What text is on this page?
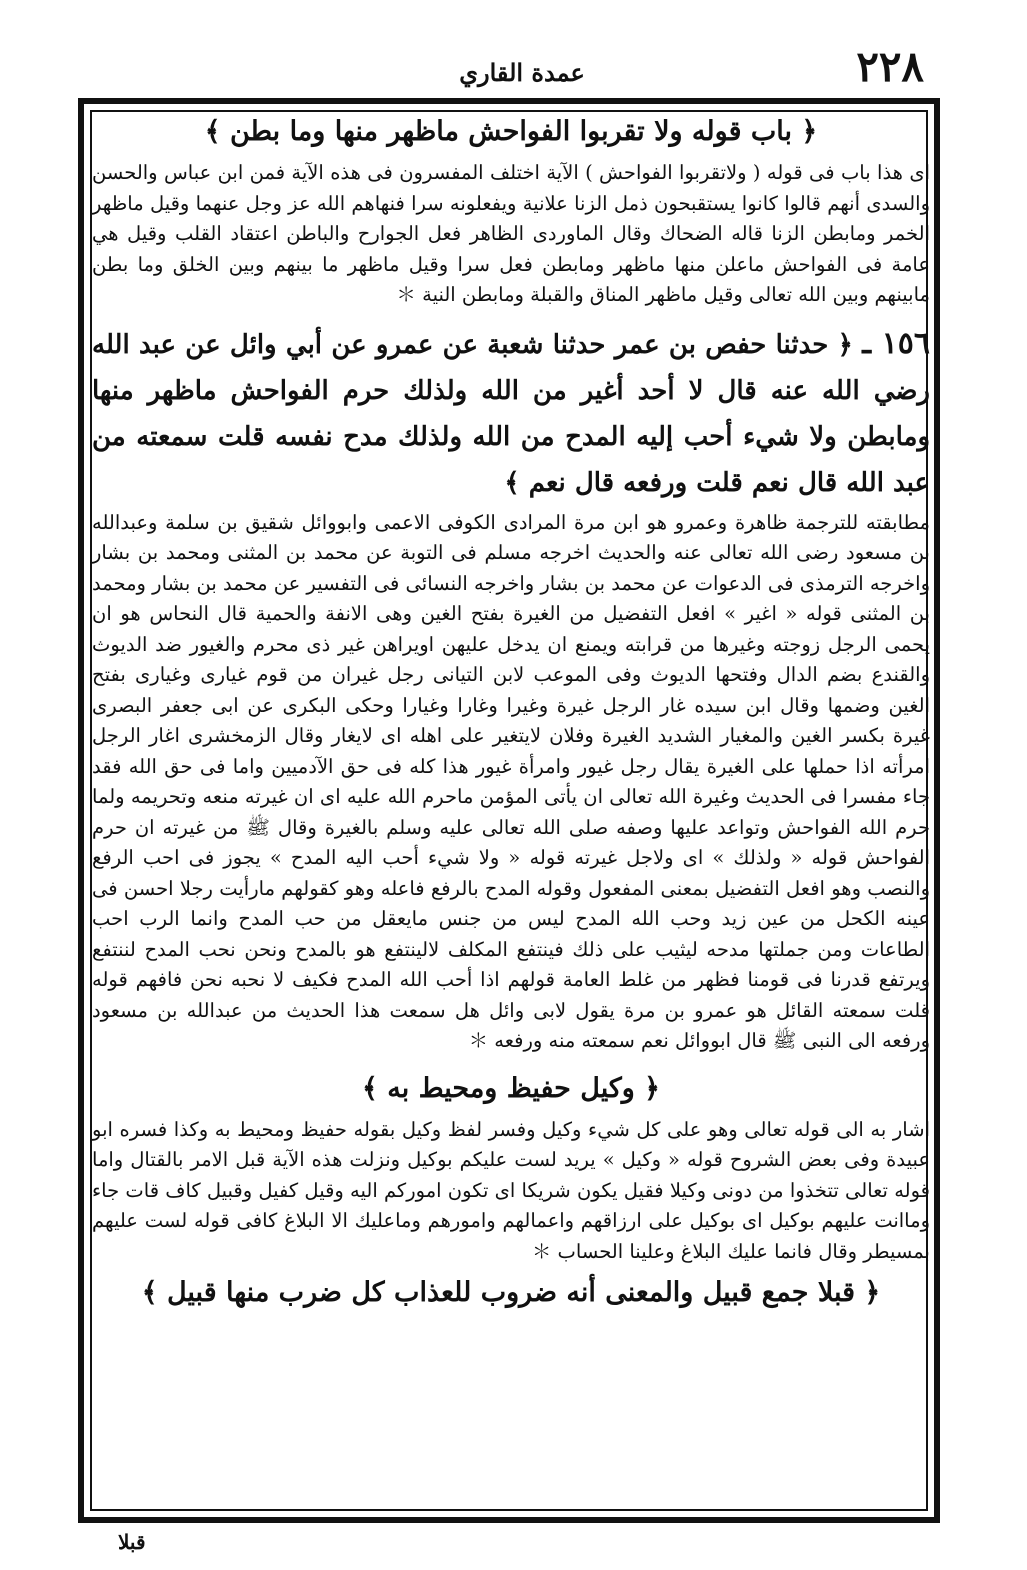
عمدة القاري	٢٢٨
﴿ باب قوله ولا تقربوا الفواحش ماظهر منها وما بطن ﴾

اى هذا باب فى قوله ( ولاتقربوا الفواحش ) الآية اختلف المفسرون فى هذه الآية فمن ابن عباس والحسن والسدى أنهم قالوا كانوا يستقبحون ذمل الزنا علانية ويفعلونه سرا فنهاهم الله عز وجل عنهما وقيل ماظهر الخمر ومابطن الزنا قاله الضحاك وقال الماوردى الظاهر فعل الجوارح والباطن اعتقاد القلب وقيل هي عامة فى الفواحش ماعلن منها ماظهر ومابطن فعل سرا وقيل ماظهر ما بينهم وبين الخلق وما بطن مابينهم وبين الله تعالى وقيل ماظهر المناق والقبلة ومابطن النية ＊

١٥٦ ـ ﴿ حدثنا حفص بن عمر حدثنا شعبة عن عمرو عن أبي وائل عن عبد الله رضي الله عنه قال لا أحد أغير من الله ولذلك حرم الفواحش ماظهر منها ومابطن ولا شيء أحب إليه المدح من الله ولذلك مدح نفسه قلت سمعته من عبد الله قال نعم قلت ورفعه قال نعم ﴾

مطابقته للترجمة ظاهرة وعمرو هو ابن مرة المرادى الكوفى الاعمى وابووائل شقيق بن سلمة وعبدالله بن مسعود رضى الله تعالى عنه والحديث اخرجه مسلم فى التوبة عن محمد بن المثنى ومحمد بن بشار واخرجه الترمذى فى الدعوات عن محمد بن بشار واخرجه النسائى فى التفسير عن محمد بن بشار ومحمد بن المثنى قوله « اغير » افعل التفضيل من الغيرة بفتح الغين وهى الانفة والحمية قال النحاس هو ان يحمى الرجل زوجته وغيرها من قرابته ويمنع ان يدخل عليهن اويراهن غير ذى محرم والغيور ضد الديوث والقندع بضم الدال وفتحها الديوث وفى الموعب لابن التيانى رجل غيران من قوم غيارى وغيارى بفتح الغين وضمها وقال ابن سيده غار الرجل غيرة وغيرا وغارا وغيارا وحكى البكرى عن ابى جعفر البصرى غيرة بكسر الغين والمغيار الشديد الغيرة وفلان لايتغير على اهله اى لايغار وقال الزمخشرى اغار الرجل امرأته اذا حملها على الغيرة يقال رجل غيور وامرأة غيور هذا كله فى حق الآدميين واما فى حق الله فقد جاء مفسرا فى الحديث وغيرة الله تعالى ان يأتى المؤمن ماحرم الله عليه اى ان غيرته منعه وتحريمه ولما حرم الله الفواحش وتواعد عليها وصفه صلى الله تعالى عليه وسلم بالغيرة وقال ﷺ من غيرته ان حرم الفواحش قوله « ولذلك » اى ولاجل غيرته قوله « ولا شيء أحب اليه المدح » يجوز فى احب الرفع والنصب وهو افعل التفضيل بمعنى المفعول وقوله المدح بالرفع فاعله وهو كقولهم مارأيت رجلا احسن فى عينه الكحل من عين زيد وحب الله المدح ليس من جنس مايعقل من حب المدح وانما الرب احب الطاعات ومن جملتها مدحه ليثيب على ذلك فينتفع المكلف لالينتفع هو بالمدح ونحن نحب المدح لننتفع ويرتفع قدرنا فى قومنا فظهر من غلط العامة قولهم اذا أحب الله المدح فكيف لا نحبه نحن فافهم قوله قلت سمعته القائل هو عمرو بن مرة يقول لابى وائل هل سمعت هذا الحديث من عبدالله بن مسعود ورفعه الى النبى ﷺ قال ابووائل نعم سمعته منه ورفعه ＊

﴿ وكيل حفيظ ومحيط به ﴾

اشار به الى قوله تعالى وهو على كل شيء وكيل وفسر لفظ وكيل بقوله حفيظ ومحيط به وكذا فسره ابو عبيدة وفى بعض الشروح قوله « وكيل » يريد لست عليكم بوكيل ونزلت هذه الآية قبل الامر بالقتال واما قوله تعالى تتخذوا من دونى وكيلا فقيل يكون شريكا اى تكون اموركم اليه وقيل كفيل وقبيل كاف قات جاء وماانت عليهم بوكيل اى بوكيل على ارزاقهم واعمالهم وامورهم وماعليك الا البلاغ كافى قوله لست عليهم بمسيطر وقال فانما عليك البلاغ وعلينا الحساب ＊

﴿ قبلا جمع قبيل والمعنى أنه ضروب للعذاب كل ضرب منها قبيل ﴾
قبلا
